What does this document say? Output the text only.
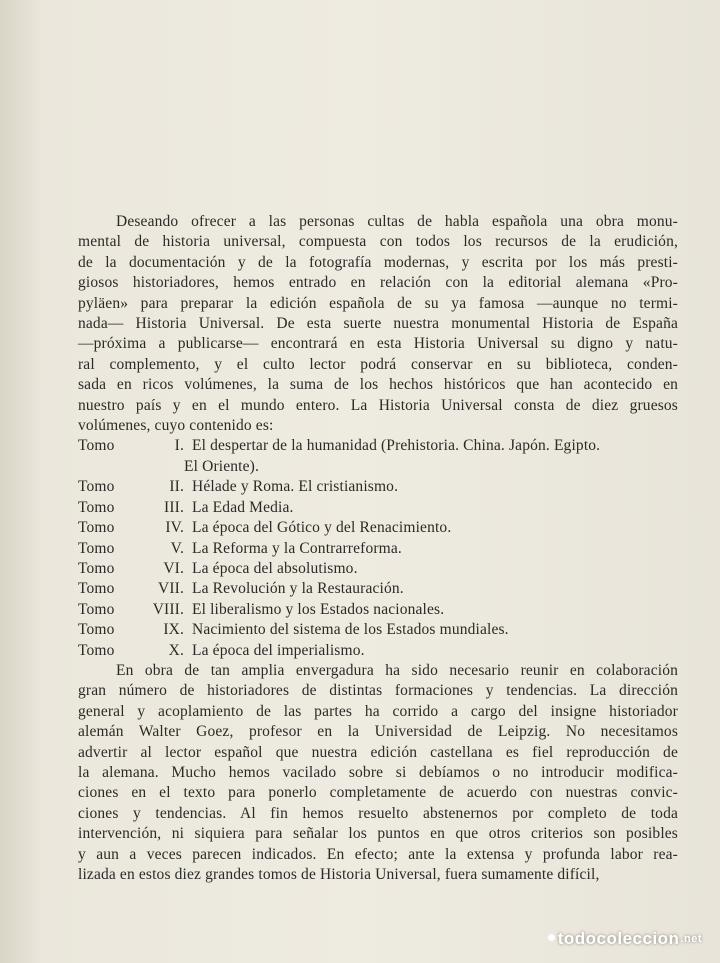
Deseando ofrecer a las personas cultas de habla española una obra monu-
mental de historia universal, compuesta con todos los recursos de la erudición,
de la documentación y de la fotografía modernas, y escrita por los más presti-
giosos historiadores, hemos entrado en relación con la editorial alemana «Pro-
pyläen» para preparar la edición española de su ya famosa —aunque no termi-
nada— Historia Universal. De esta suerte nuestra monumental Historia de España
—próxima a publicarse— encontrará en esta Historia Universal su digno y natu-
ral complemento, y el culto lector podrá conservar en su biblioteca, conden-
sada en ricos volúmenes, la suma de los hechos históricos que han acontecido en
nuestro país y en el mundo entero. La Historia Universal consta de diez gruesos
volúmenes, cuyo contenido es:

Tomo	I. El despertar de la humanidad (Prehistoria. China. Japón. Egipto.
El Oriente).
Tomo	II. Hélade y Roma. El cristianismo.
Tomo	III. La Edad Media.
Tomo	IV. La época del Gótico y del Renacimiento.
Tomo	V. La Reforma y la Contrarreforma.
Tomo	VI. La época del absolutismo.
Tomo	VII. La Revolución y la Restauración.
Tomo	VIII. El liberalismo y los Estados nacionales.
Tomo	IX. Nacimiento del sistema de los Estados mundiales.
Tomo	X. La época del imperialismo.

En obra de tan amplia envergadura ha sido necesario reunir en colaboración
gran número de historiadores de distintas formaciones y tendencias. La dirección
general y acoplamiento de las partes ha corrido a cargo del insigne historiador
alemán Walter Goez, profesor en la Universidad de Leipzig. No necesitamos
advertir al lector español que nuestra edición castellana es fiel reproducción de
la alemana. Mucho hemos vacilado sobre si debíamos o no introducir modifica-
ciones en el texto para ponerlo completamente de acuerdo con nuestras convic-
ciones y tendencias. Al fin hemos resuelto abstenernos por completo de toda
intervención, ni siquiera para señalar los puntos en que otros criterios son posibles
y aun a veces parecen indicados. En efecto; ante la extensa y profunda labor rea-
lizada en estos diez grandes tomos de Historia Universal, fuera sumamente difícil,

todocoleccion.net
